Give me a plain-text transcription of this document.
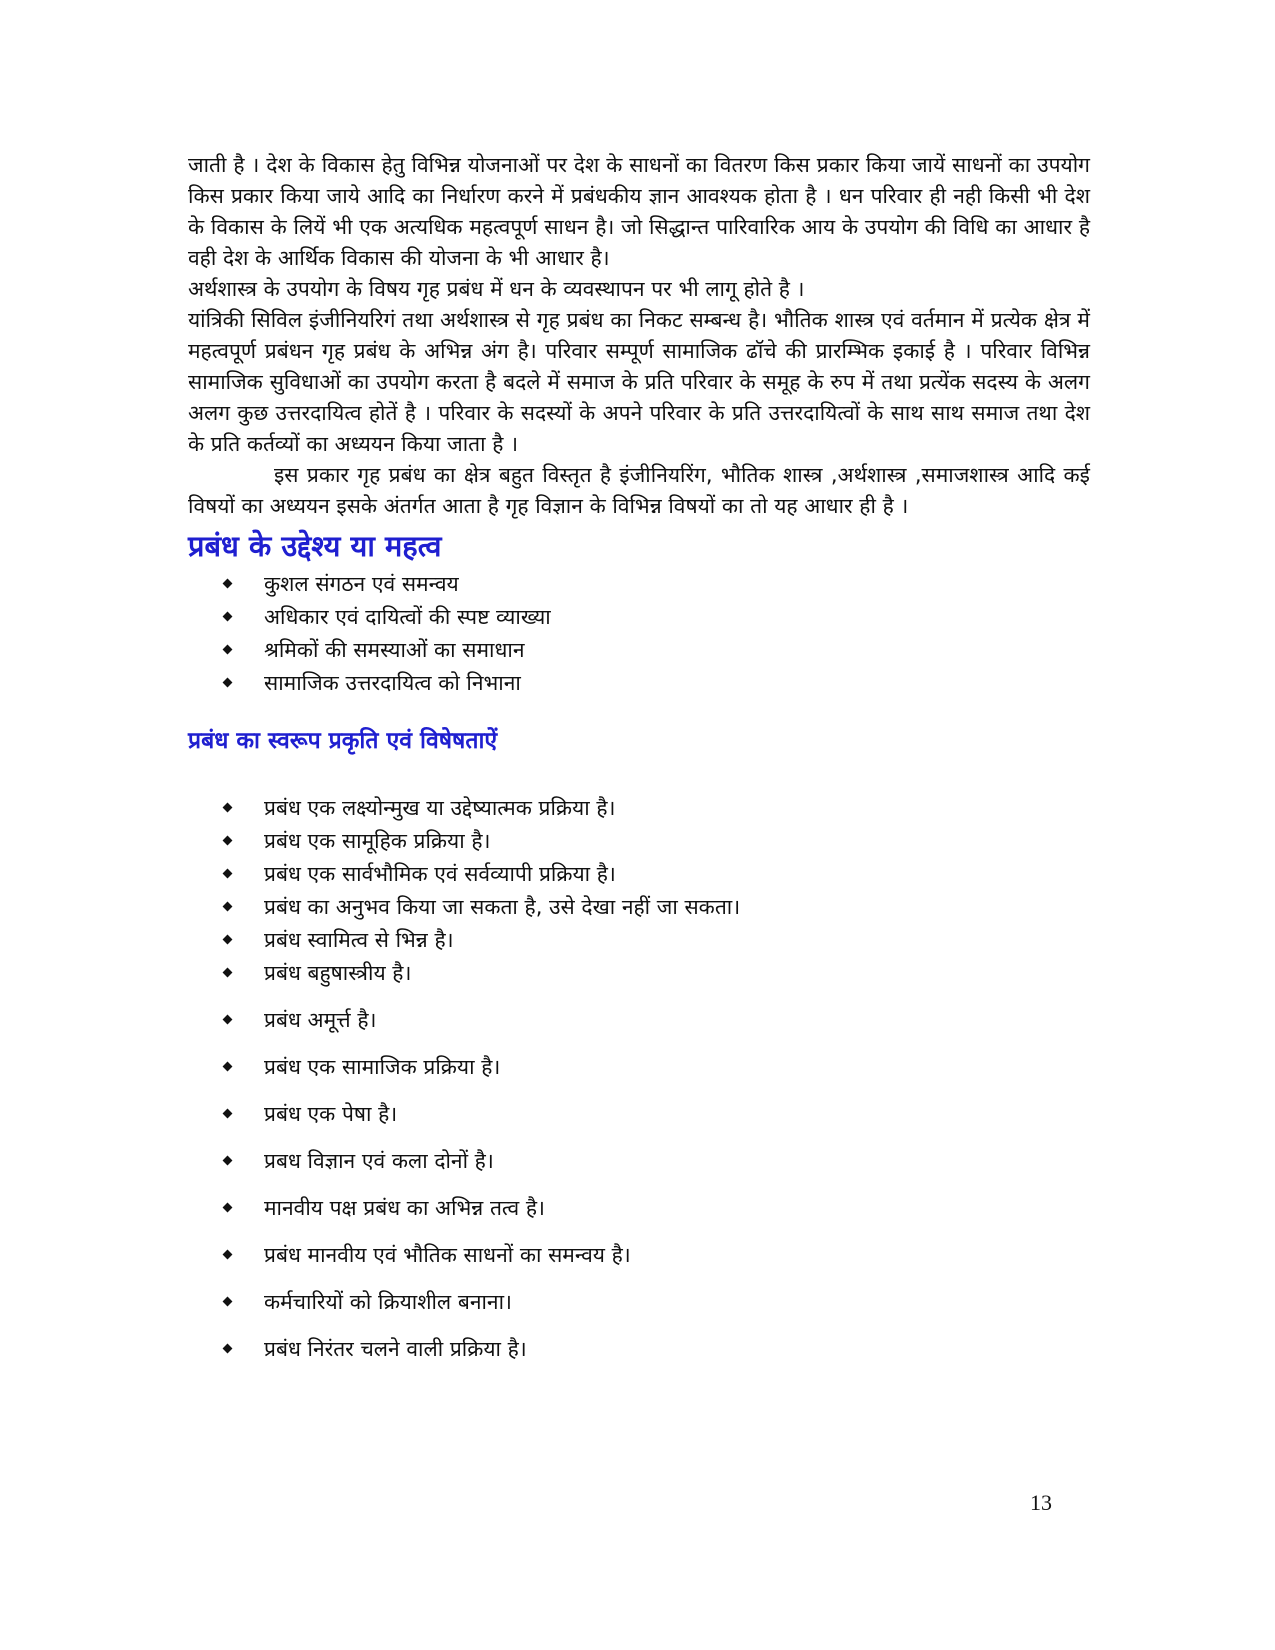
जाती है । देश के विकास हेतु विभिन्न योजनाओं पर देश के साधनों का वितरण किस प्रकार किया जायें साधनों का उपयोग किस प्रकार किया जाये आदि का निर्धारण करने में प्रबंधकीय ज्ञान आवश्यक होता है । धन परिवार ही नही किसी भी देश के विकास के लियें भी एक अत्यधिक महत्वपूर्ण साधन है। जो सिद्धान्त पारिवारिक आय के उपयोग की विधि का आधार है वही देश के आर्थिक विकास की योजना के भी आधार है।

अर्थशास्त्र के उपयोग के विषय गृह प्रबंध में धन के व्यवस्थापन पर भी लागू होते है ।

यांत्रिकी सिविल इंजीनियरिगं तथा अर्थशास्त्र से गृह प्रबंध का निकट सम्बन्ध है। भौतिक शास्त्र एवं वर्तमान में प्रत्येक क्षेत्र में महत्वपूर्ण प्रबंधन गृह प्रबंध के अभिन्न अंग है। परिवार सम्पूर्ण सामाजिक ढॉचे की प्रारम्भिक इकाई है । परिवार विभिन्न सामाजिक सुविधाओं का उपयोग करता है बदले में समाज के प्रति परिवार के समूह के रुप में तथा प्रत्येंक सदस्य के अलग अलग कुछ उत्तरदायित्व होतें है । परिवार के सदस्यों के अपने परिवार के प्रति उत्तरदायित्वों के साथ साथ समाज तथा देश के प्रति कर्तव्यों का अध्ययन किया जाता है ।

इस प्रकार गृह प्रबंध का क्षेत्र बहुत विस्तृत है इंजीनियरिंग, भौतिक शास्त्र ,अर्थशास्त्र ,समाजशास्त्र आदि कई विषयों का अध्ययन इसके अंतर्गत आता है गृह विज्ञान के विभिन्न विषयों का तो यह आधार ही है ।

प्रबंध के उद्देश्य या महत्व
कुशल संगठन एवं समन्वय
अधिकार एवं दायित्वों की स्पष्ट व्याख्या
श्रमिकों की समस्याओं का समाधान
सामाजिक उत्तरदायित्व को निभाना
प्रबंध का स्वरूप प्रकृति एवं विषेषताऐं
प्रबंध एक लक्ष्योन्मुख या उद्देष्यात्मक प्रक्रिया है।
प्रबंध एक सामूहिक प्रक्रिया है।
प्रबंध एक सार्वभौमिक एवं सर्वव्यापी प्रक्रिया है।
प्रबंध का अनुभव किया जा सकता है, उसे देखा नहीं जा सकता।
प्रबंध स्वामित्व से भिन्न है।
प्रबंध बहुषास्त्रीय है।
प्रबंध अमूर्त्त है।
प्रबंध एक सामाजिक प्रक्रिया है।
प्रबंध एक पेषा है।
प्रबध विज्ञान एवं कला दोनों है।
मानवीय पक्ष प्रबंध का अभिन्न तत्व है।
प्रबंध मानवीय एवं भौतिक साधनों का समन्वय है।
कर्मचारियों को क्रियाशील बनाना।
प्रबंध निरंतर चलने वाली प्रक्रिया है।
13
